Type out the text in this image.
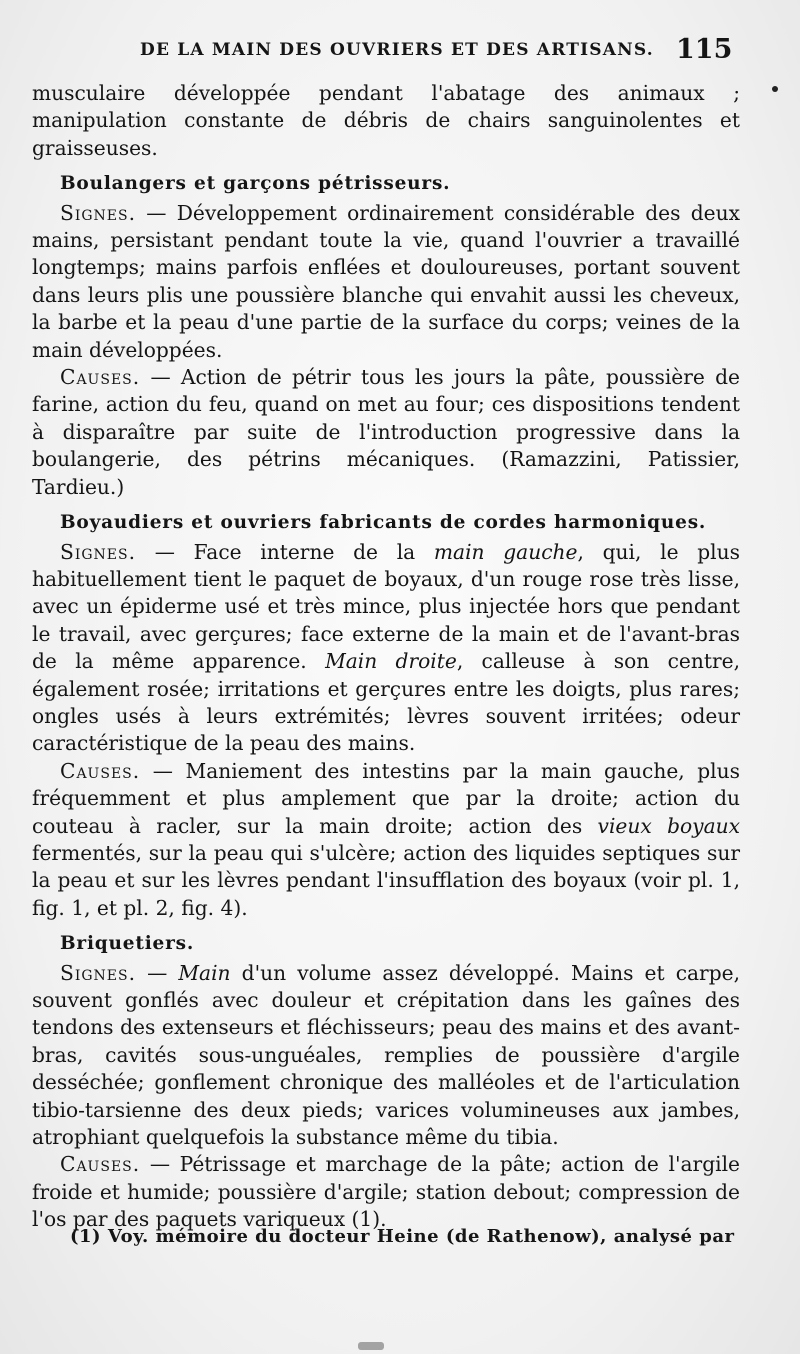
DE LA MAIN DES OUVRIERS ET DES ARTISANS. 115

musculaire développée pendant l'abatage des animaux ; manipulation constante de débris de chairs sanguinolentes et graisseuses.

Boulangers et garçons pétrisseurs.

Signes. — Développement ordinairement considérable des deux mains, persistant pendant toute la vie, quand l'ouvrier a travaillé longtemps; mains parfois enflées et douloureuses, portant souvent dans leurs plis une poussière blanche qui envahit aussi les cheveux, la barbe et la peau d'une partie de la surface du corps; veines de la main développées.

Causes. — Action de pétrir tous les jours la pâte, poussière de farine, action du feu, quand on met au four; ces dispositions tendent à disparaître par suite de l'introduction progressive dans la boulangerie, des pétrins mécaniques. (Ramazzini, Patissier, Tardieu.)

Boyaudiers et ouvriers fabricants de cordes harmoniques.

Signes. — Face interne de la main gauche, qui, le plus habituellement tient le paquet de boyaux, d'un rouge rose très lisse, avec un épiderme usé et très mince, plus injectée hors que pendant le travail, avec gerçures; face externe de la main et de l'avant-bras de la même apparence. Main droite, calleuse à son centre, également rosée; irritations et gerçures entre les doigts, plus rares; ongles usés à leurs extrémités; lèvres souvent irritées; odeur caractéristique de la peau des mains.

Causes. — Maniement des intestins par la main gauche, plus fréquemment et plus amplement que par la droite; action du couteau à racler, sur la main droite; action des vieux boyaux fermentés, sur la peau qui s'ulcère; action des liquides septiques sur la peau et sur les lèvres pendant l'insufflation des boyaux (voir pl. 1, fig. 1, et pl. 2, fig. 4).

Briquetiers.

Signes. — Main d'un volume assez développé. Mains et carpe, souvent gonflés avec douleur et crépitation dans les gaînes des tendons des extenseurs et fléchisseurs; peau des mains et des avant-bras, cavités sous-unguéales, remplies de poussière d'argile desséchée; gonflement chronique des malléoles et de l'articulation tibio-tarsienne des deux pieds; varices volumineuses aux jambes, atrophiant quelquefois la substance même du tibia.

Causes. — Pétrissage et marchage de la pâte; action de l'argile froide et humide; poussière d'argile; station debout; compression de l'os par des paquets variqueux (1).

(1) Voy. mémoire du docteur Heine (de Rathenow), analysé par
